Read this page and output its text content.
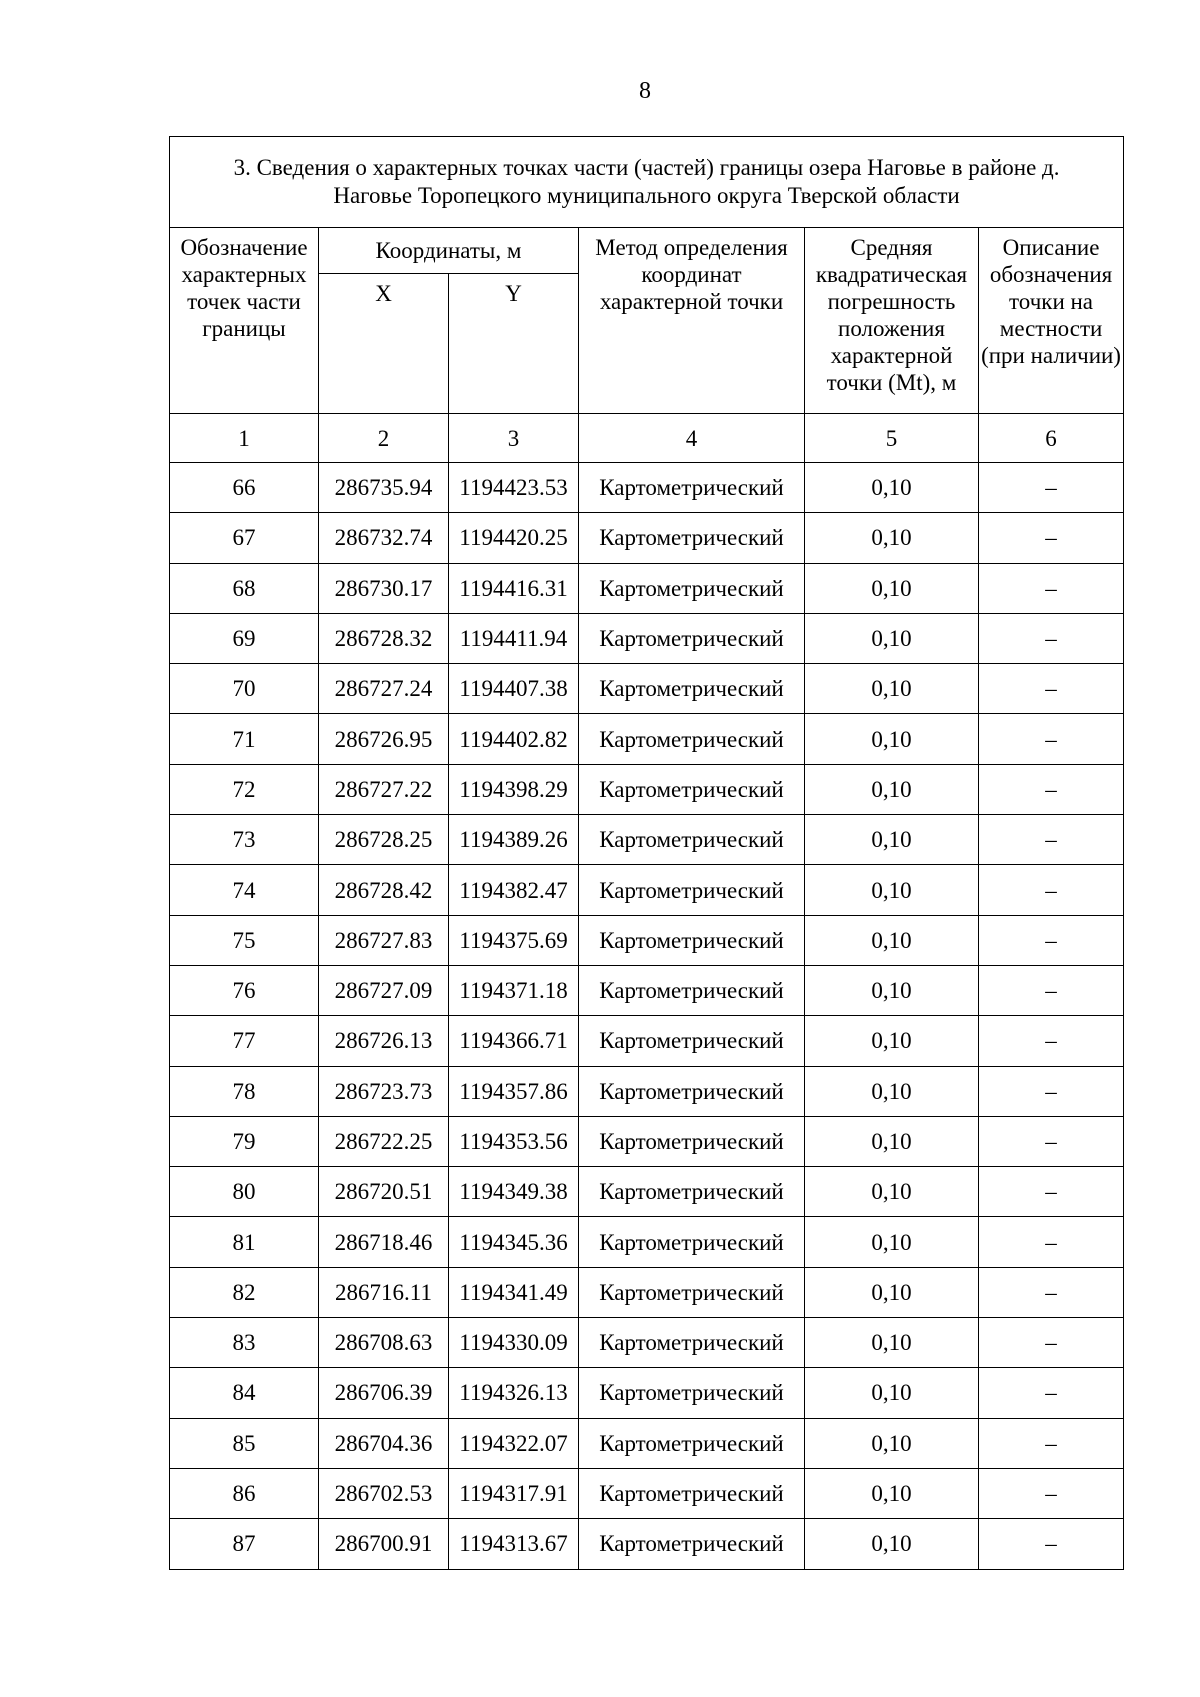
8
3. Сведения о характерных точках части (частей) границы озера Наговье в районе д. Наговье Торопецкого муниципального округа Тверской области					
Обозначение характерных точек части границы	Координаты, м		Метод определения координат характерной точки	Средняя квадратическая погрешность положения характерной точки (Mt), м	Описание обозначения точки на местности (при наличии)
	X	Y			
1	2	3	4	5	6
66	286735.94	1194423.53	Картометрический	0,10	–
67	286732.74	1194420.25	Картометрический	0,10	–
68	286730.17	1194416.31	Картометрический	0,10	–
69	286728.32	1194411.94	Картометрический	0,10	–
70	286727.24	1194407.38	Картометрический	0,10	–
71	286726.95	1194402.82	Картометрический	0,10	–
72	286727.22	1194398.29	Картометрический	0,10	–
73	286728.25	1194389.26	Картометрический	0,10	–
74	286728.42	1194382.47	Картометрический	0,10	–
75	286727.83	1194375.69	Картометрический	0,10	–
76	286727.09	1194371.18	Картометрический	0,10	–
77	286726.13	1194366.71	Картометрический	0,10	–
78	286723.73	1194357.86	Картометрический	0,10	–
79	286722.25	1194353.56	Картометрический	0,10	–
80	286720.51	1194349.38	Картометрический	0,10	–
81	286718.46	1194345.36	Картометрический	0,10	–
82	286716.11	1194341.49	Картометрический	0,10	–
83	286708.63	1194330.09	Картометрический	0,10	–
84	286706.39	1194326.13	Картометрический	0,10	–
85	286704.36	1194322.07	Картометрический	0,10	–
86	286702.53	1194317.91	Картометрический	0,10	–
87	286700.91	1194313.67	Картометрический	0,10	–
